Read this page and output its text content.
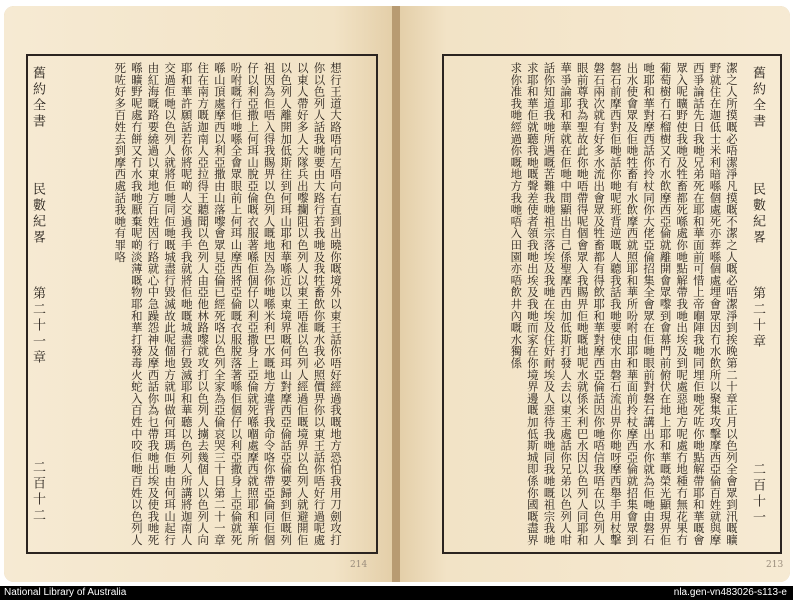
舊約全書
民數紀畧
第二十一章
二百十二	想行王道大路唔向左唔向右直到出曉你嘅境外以東王話你唔好經過我嘅地方恐怕我用刀劍攻打你以色列人話我哋要由大路行若我哋及我牲畜飲你嘅水我必照價畀你以東王話你唔好行過呢處以東人帶好多人大隊兵出嚟攔阻以色列人以東王唔准以色列人經過佢嘅境界以色列人就避開佢以色列人離開加低斯往到何珥山耶和華喺近以東境界嘅何珥山對摩西亞倫話亞倫要歸到佢嘅列祖因為佢唔入得我賜畀以色列人嘅地因為你哋喺米利巴水嘅地方違背我命令咯你帶亞倫同佢個仔以利亞撒上何珥山脫亞倫嘅衣服著喺佢個仔以利亞撒身上亞倫就死喺嗰處摩西就照耶和華所吩咐嘅行佢哋喺全會眾眼前上何珥山摩西將亞倫嘅衣服脫落著喺佢個仔以利亞撒身上亞倫就死喺山頂處摩西以利亞撒由山落嚟會眾見亞倫已經死咯以色列全家為亞倫哀哭三十日第二十一章住在南方嘅迦南人亞拉得王聽聞以色列人由亞他林路嚟就攻打以色列人擄去幾個人以色列人向耶和華許願話若你將呢啲人交過我手我就將佢哋嘅城盡行毀滅耶和華聽以色列人所講將迦南人交過佢哋以色列人就將佢哋同佢哋嘅城盡行毀滅故此呢個地方就叫做何珥瑪佢哋由何珥山起行由紅海嘅路要繞過以東地方百姓因行路就心中急躁怨神及摩西話你為乜帶我哋出埃及使我哋死喺曠野呢處冇餅又冇水我哋厭棄呢啲淡薄嘅物耶和華打發毒火蛇入百姓中咬佢哋百姓以色列人死咗好多百姓去到摩西處話我哋有罪咯
214
舊約全書
民數紀畧
第二十章
二百十一
潔之人所摸嘅必唔潔淨凡摸嘅不潔之人嘅必唔潔淨到挨晚第二十章正月以色列全會眾到汛嘅曠野就住在迦低士米利暗喺個處死亦葬喺個處埋會眾因冇水飲所以聚集攻擊摩西亞倫百姓就與摩西爭論話先日我哋兄弟死在耶和華面前可惜上帝嗰陣我哋同埋佢哋死咗你哋點解帶耶和華嘅會眾入呢曠野使我哋及牲畜都死喺處你哋點解帶我哋出埃及到呢處惡地方呢處冇地種冇無花果冇葡萄樹冇石榴樹又冇水飲摩西亞倫就離開會眾嚟到會幕門前俯伏在地上耶和華嘅榮光顯現畀佢哋耶和華對摩西話你拎杖同你大佬亞倫招集全會眾在佢哋眼前對磐石講出水你就為佢哋由磐石出水使會眾及佢哋牲畜有水飲摩西就照耶和華所吩咐由耶和華面前拎杖摩西亞倫就招集會眾到磐石前摩西對佢哋話你哋呢班背逆嘅人聽我話我哋要使水由磐石流出畀你哋呀摩西舉手用杖擊磐石兩次就有好多水流出會眾及牲畜都有得飲耶和華對摩西亞倫話因你哋唔信我唔在以色列人眼前尊我為聖故此你哋唔帶得呢個會眾入我賜畀佢哋嘅地呢水就係米利巴水因以色列人同耶和華爭論耶和華就在佢哋中間顯出自己係聖摩西由加低斯打發人去以東王處話你兄弟以色列人咁話你知道我哋所遇嘅苦難我哋祖宗落埃及我哋在埃及住好耐埃及人惡待我哋同我哋嘅祖宗我哋求耶和華佢就聽我哋嘅聲差使者領我哋出埃及我哋而家在你境界邊嘅加低斯城即係你國嘅盡界求你准我哋經過你嘅地方我哋唔入田園亦唔飲井內嘅水獨係
213
National Library of Australia	nla.gen-vn483026-s113-e
